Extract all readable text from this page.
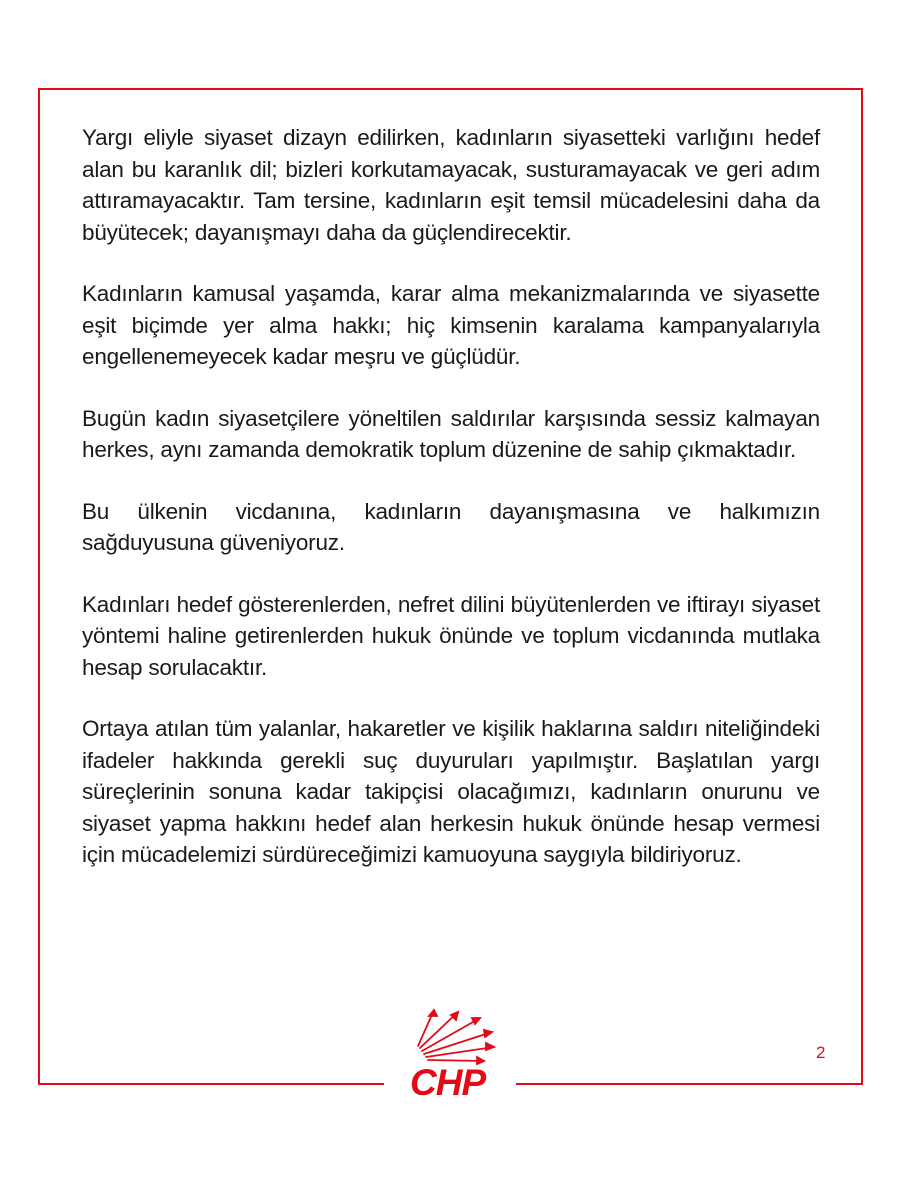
Yargı eliyle siyaset dizayn edilirken, kadınların siyasetteki varlığını hedef alan bu karanlık dil; bizleri korkutamayacak, susturamayacak ve geri adım attıramayacaktır. Tam tersine, kadınların eşit temsil mücadelesini daha da büyütecek; dayanışmayı daha da güçlendirecektir.

Kadınların kamusal yaşamda, karar alma mekanizmalarında ve siyasette eşit biçimde yer alma hakkı; hiç kimsenin karalama kampanyalarıyla engellenemeyecek kadar meşru ve güçlüdür.

Bugün kadın siyasetçilere yöneltilen saldırılar karşısında sessiz kalmayan herkes, aynı zamanda demokratik toplum düzenine de sahip çıkmaktadır.

Bu ülkenin vicdanına, kadınların dayanışmasına ve halkımızın sağduyusuna güveniyoruz.

Kadınları hedef gösterenlerden, nefret dilini büyütenlerden ve iftirayı siyaset yöntemi haline getirenlerden hukuk önünde ve toplum vicdanında mutlaka hesap sorulacaktır.

Ortaya atılan tüm yalanlar, hakaretler ve kişilik haklarına saldırı niteliğindeki ifadeler hakkında gerekli suç duyuruları yapılmıştır. Başlatılan yargı süreçlerinin sonuna kadar takipçisi olacağımızı, kadınların onurunu ve siyaset yapma hakkını hedef alan herkesin hukuk önünde hesap vermesi için mücadelemizi sürdüreceğimizi kamuoyuna saygıyla bildiriyoruz.

CHP
2
